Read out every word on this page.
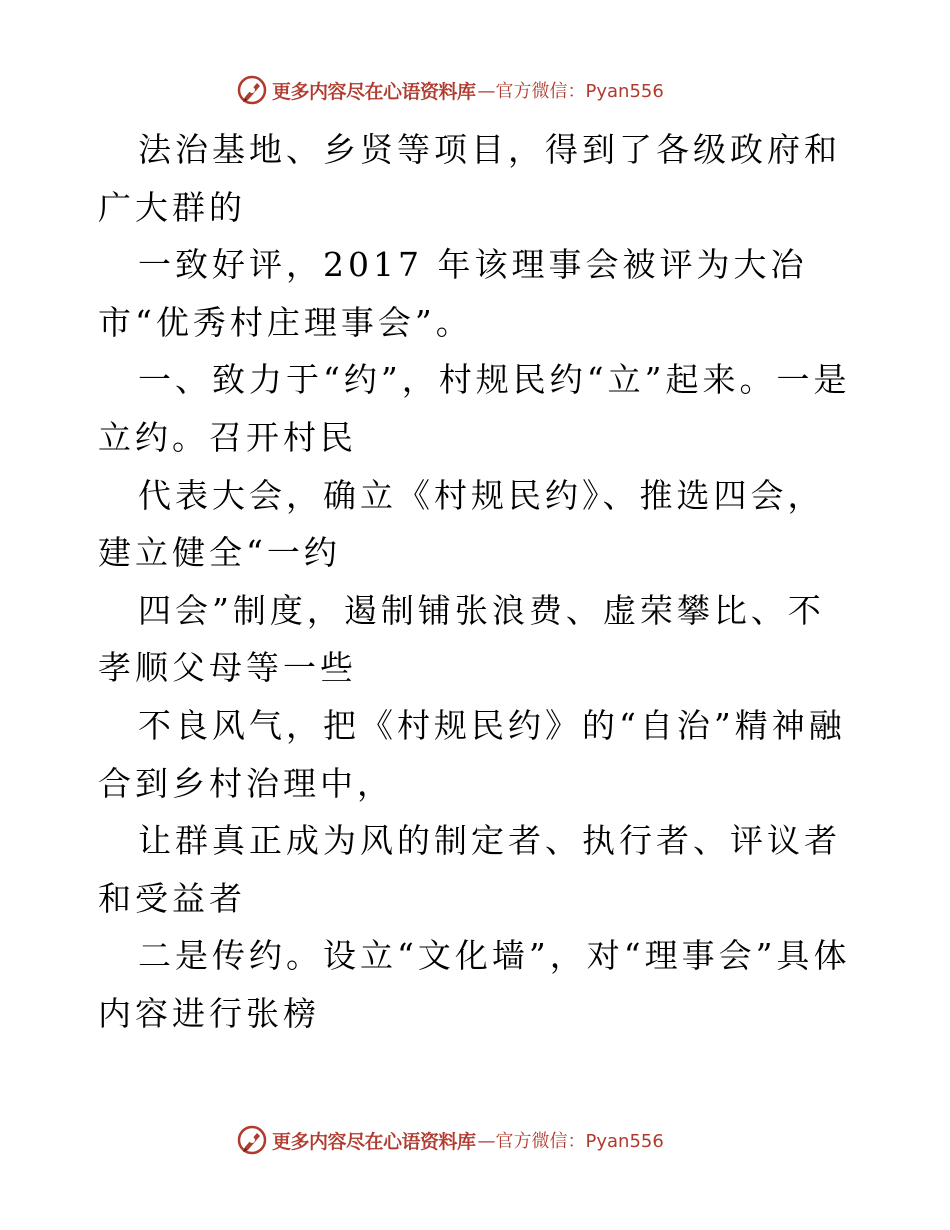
更多内容尽在心语资料库 —官方微信：Pyan556

法治基地、乡贤等项目，得到了各级政府和广大群的

一致好评，2017 年该理事会被评为大冶市“优秀村庄理事会”。

一、致力于“约”，村规民约“立”起来。一是立约。召开村民

代表大会，确立《村规民约》、推选四会，建立健全“一约

四会”制度，遏制铺张浪费、虚荣攀比、不孝顺父母等一些

不良风气，把《村规民约》的“自治”精神融合到乡村治理中，

让群真正成为风的制定者、执行者、评议者和受益者

二是传约。设立“文化墙”，对“理事会”具体内容进行张榜

更多内容尽在心语资料库 —官方微信：Pyan556
